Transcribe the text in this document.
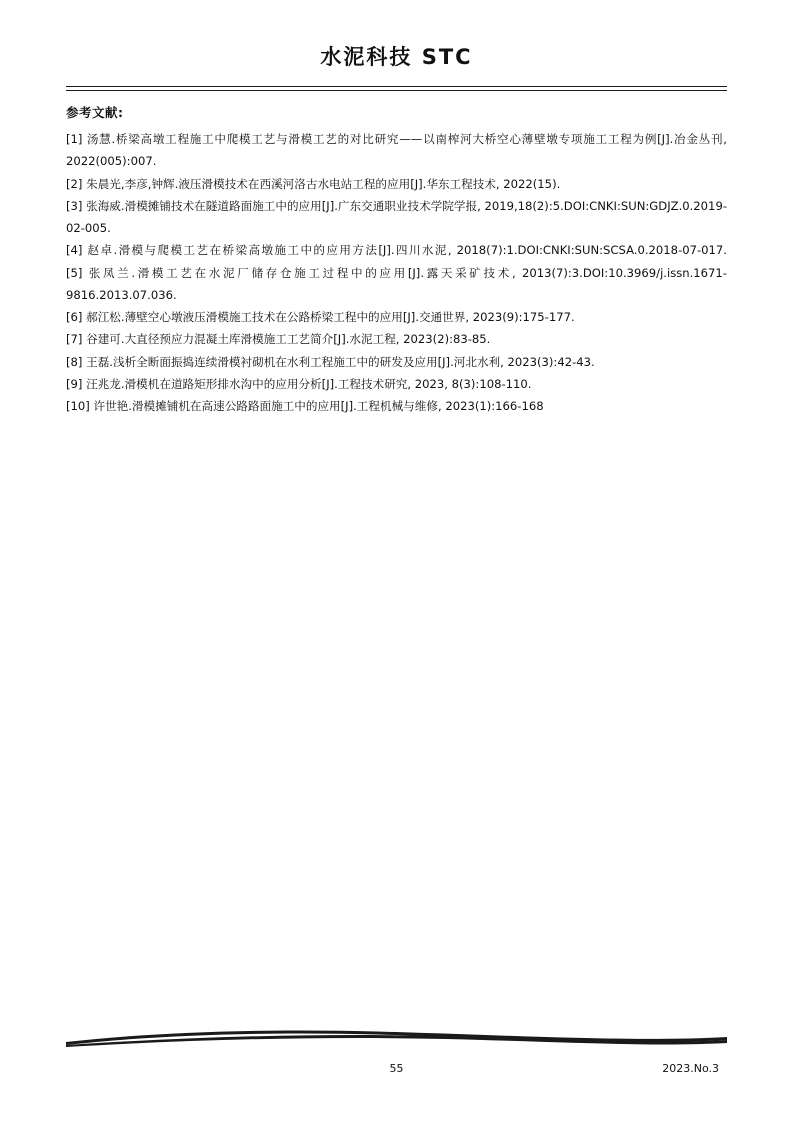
水泥科技 STC
参考文献:
[1] 汤慧.桥梁高墩工程施工中爬模工艺与滑模工艺的对比研究——以南榨河大桥空心薄壁墩专项施工工程为例[J].冶金丛刊, 2022(005):007.
[2] 朱晨光,李彦,钟辉.液压滑模技术在西溪河洛古水电站工程的应用[J].华东工程技术, 2022(15).
[3] 张海威.滑模摊铺技术在隧道路面施工中的应用[J].广东交通职业技术学院学报, 2019,18(2):5.DOI:CNKI:SUN:GDJZ.0.2019-02-005.
[4] 赵卓.滑模与爬模工艺在桥梁高墩施工中的应用方法[J].四川水泥, 2018(7):1.DOI:CNKI:SUN:SCSA.0.2018-07-017.
[5] 张凤兰.滑模工艺在水泥厂储存仓施工过程中的应用[J].露天采矿技术, 2013(7):3.DOI:10.3969/j.issn.1671-9816.2013.07.036.
[6] 郝江松.薄壁空心墩液压滑模施工技术在公路桥梁工程中的应用[J].交通世界, 2023(9):175-177.
[7] 谷建可.大直径预应力混凝土库滑模施工工艺简介[J].水泥工程, 2023(2):83-85.
[8] 王磊.浅析全断面振捣连续滑模衬砌机在水利工程施工中的研发及应用[J].河北水利, 2023(3):42-43.
[9] 汪兆龙.滑模机在道路矩形排水沟中的应用分析[J].工程技术研究, 2023, 8(3):108-110.
[10] 许世艳.滑模摊铺机在高速公路路面施工中的应用[J].工程机械与维修, 2023(1):166-168
55	2023.No.3
